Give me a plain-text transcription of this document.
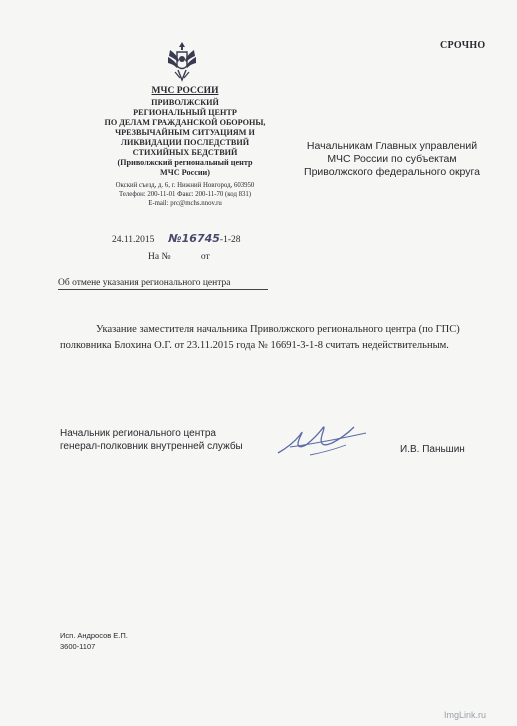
СРОЧНО
МЧС РОССИИ
ПРИВОЛЖСКИЙ
РЕГИОНАЛЬНЫЙ ЦЕНТР
ПО ДЕЛАМ ГРАЖДАНСКОЙ ОБОРОНЫ,
ЧРЕЗВЫЧАЙНЫМ СИТУАЦИЯМ И
ЛИКВИДАЦИИ ПОСЛЕДСТВИЙ
СТИХИЙНЫХ БЕДСТВИЙ
(Приволжский региональный центр
МЧС России)
Окский съезд, д. 6, г. Нижний Новгород, 603950
Телефон: 200-11-01 Факс: 200-11-70 (код 831)
E-mail: prc@mchs.nnov.ru
24.11.2015 №16745-1-28
На №	от
Об отмене указания регионального центра
Начальникам Главных управлений
МЧС России по субъектам
Приволжского федерального округа
Указание заместителя начальника Приволжского регионального центра (по ГПС) полковника Блохина О.Г. от 23.11.2015 года № 16691-3-1-8 считать недействительным.
Начальник регионального центра
генерал-полковник внутренней службы	И.В. Паньшин
Исп. Андросов Е.П.
3600-1107
ImgLink.ru
